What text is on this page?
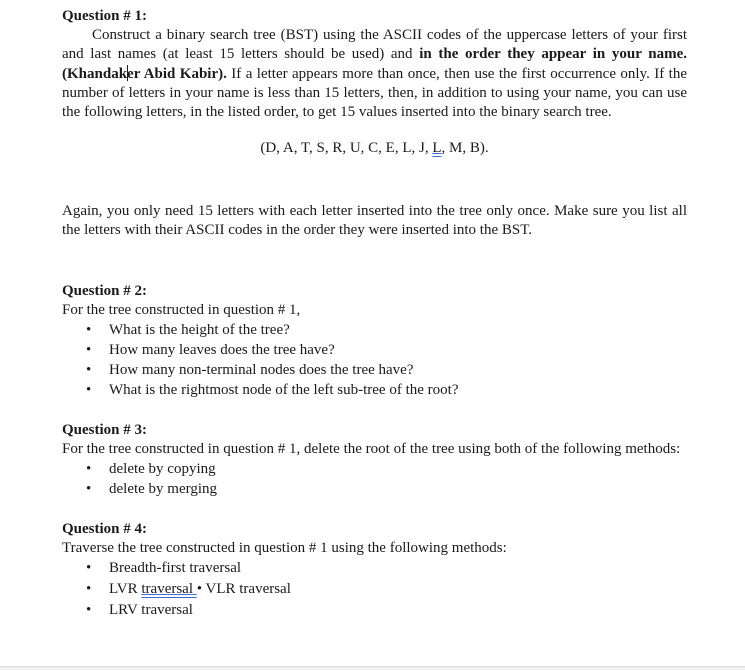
Question # 1:

Construct a binary search tree (BST) using the ASCII codes of the uppercase letters of your first and last names (at least 15 letters should be used) and in the order they appear in your name. (Khandaker Abid Kabir). If a letter appears more than once, then use the first occurrence only. If the number of letters in your name is less than 15 letters, then, in addition to using your name, you can use the following letters, in the listed order, to get 15 values inserted into the binary search tree.

(D, A, T, S, R, U, C, E, L, J, L, M, B).

Again, you only need 15 letters with each letter inserted into the tree only once. Make sure you list all the letters with their ASCII codes in the order they were inserted into the BST.

Question # 2:

For the tree constructed in question # 1,

• What is the height of the tree?
• How many leaves does the tree have?
• How many non-terminal nodes does the tree have?
• What is the rightmost node of the left sub-tree of the root?

Question # 3:

For the tree constructed in question # 1, delete the root of the tree using both of the following methods:

• delete by copying
• delete by merging

Question # 4:

Traverse the tree constructed in question # 1 using the following methods:

• Breadth-first traversal
• LVR traversal • VLR traversal
• LRV traversal
